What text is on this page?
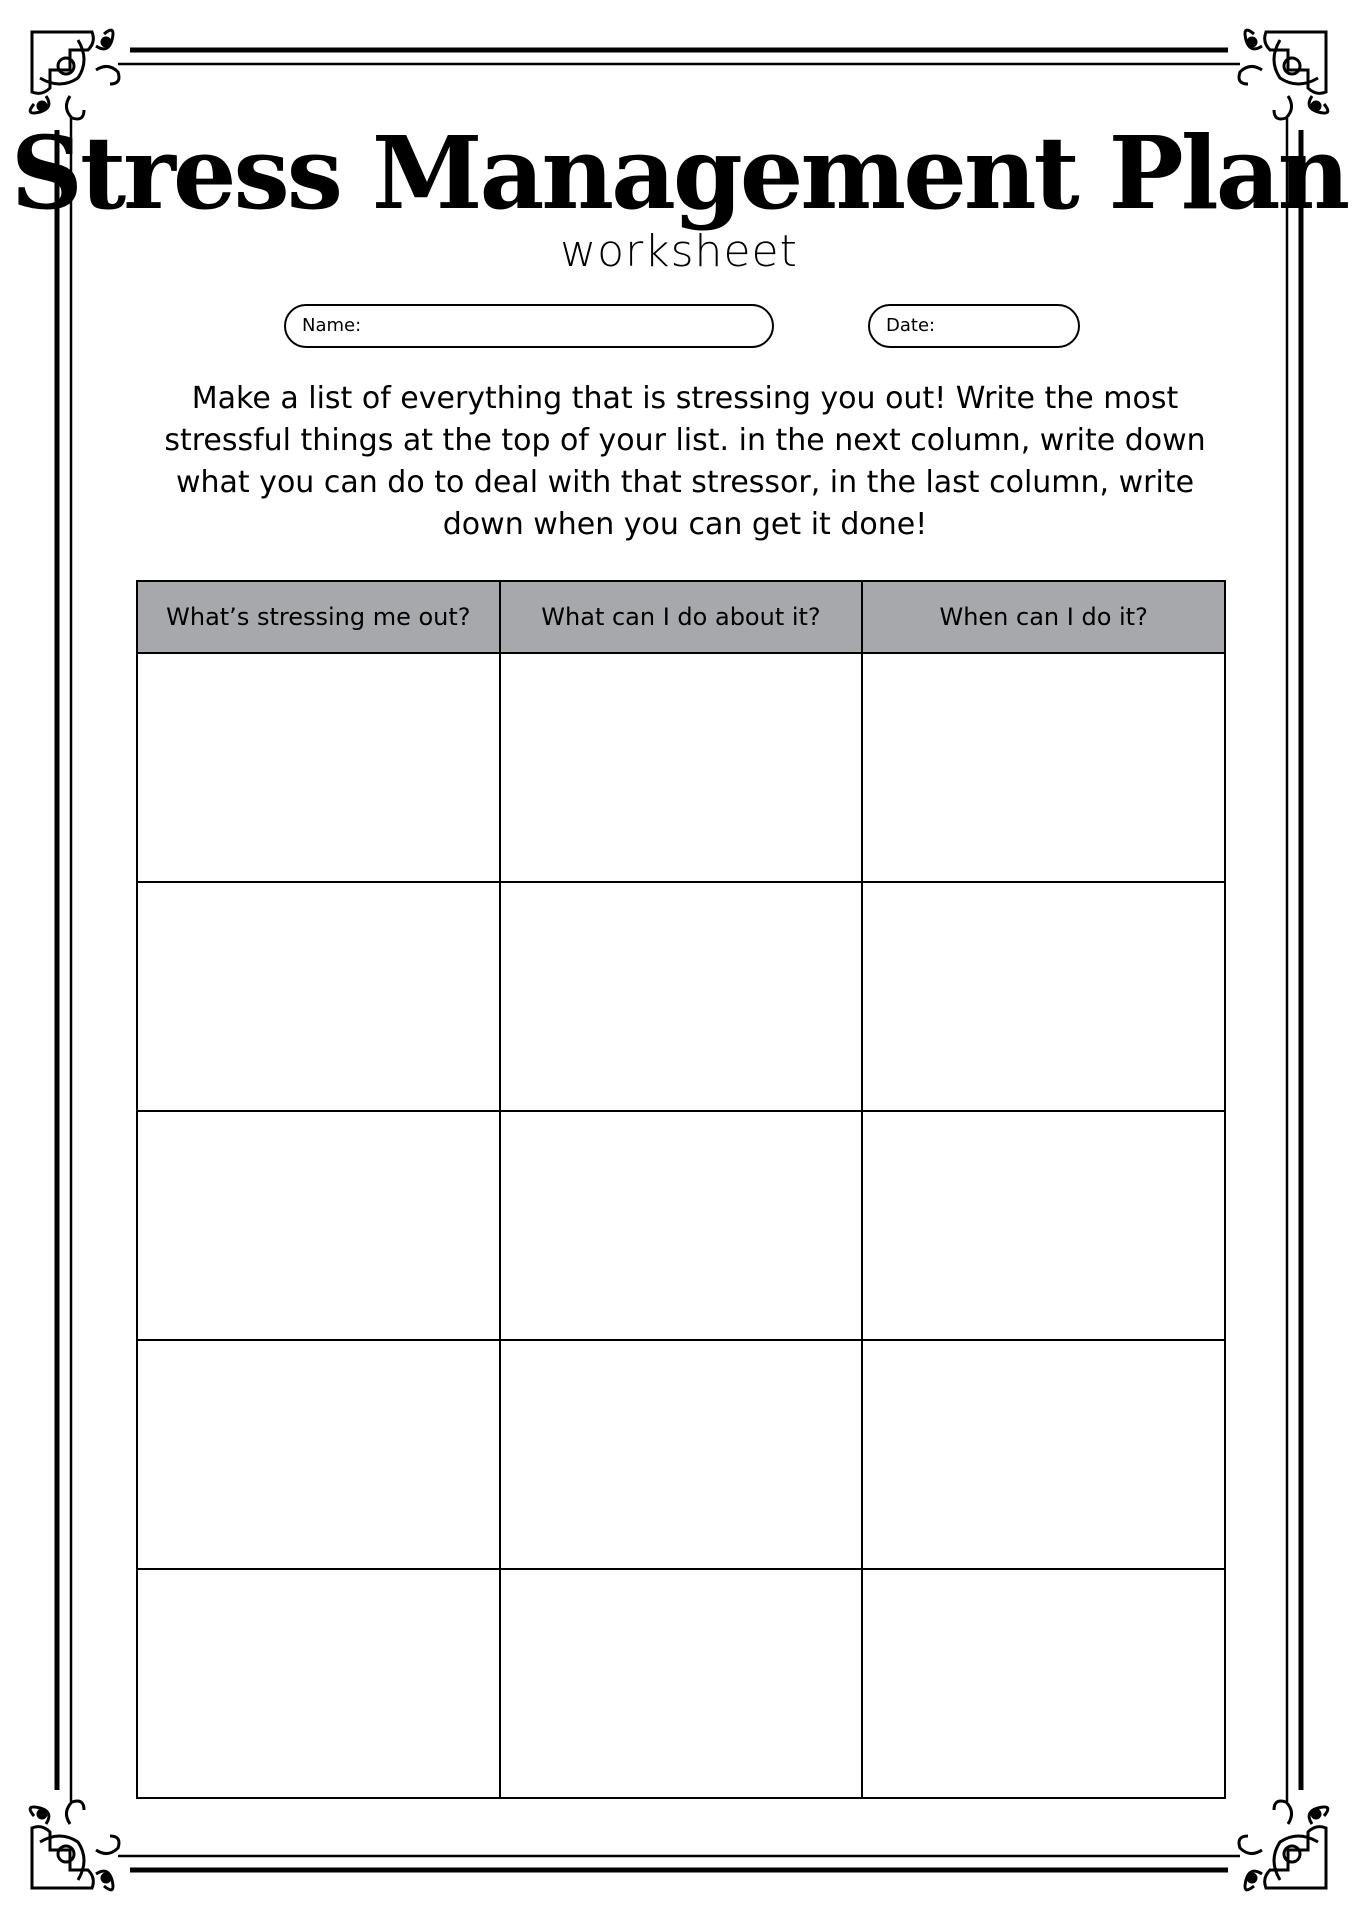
Stress Management Plan
worksheet
Name:	Date:
Make a list of everything that is stressing you out! Write the most stressful things at the top of your list. in the next column, write down what you can do to deal with that stressor, in the last column, write down when you can get it done!
What’s stressing me out?	What can I do about it?	When can I do it?
